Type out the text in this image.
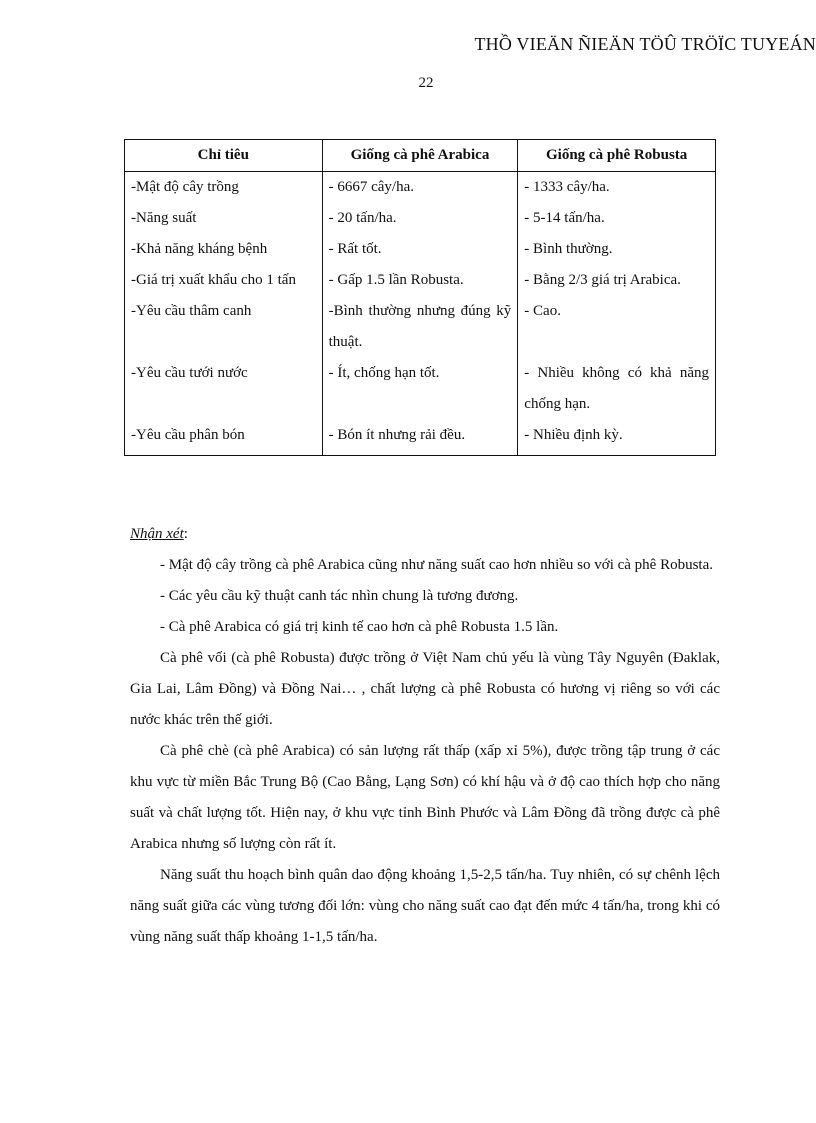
THỒ VIEÄN ÑIEÄN TÖÛ TRÖÏC TUYEÁN
22
Chỉ tiêu	Giống cà phê Arabica	Giống cà phê Robusta
-Mật độ cây trồng	- 6667 cây/ha.	- 1333 cây/ha.
-Năng suất	- 20 tấn/ha.	- 5-14 tấn/ha.
-Khả năng kháng bệnh	- Rất tốt.	- Bình thường.
-Giá trị xuất khẩu cho 1 tấn	- Gấp 1.5 lần Robusta.	- Bằng 2/3 giá trị Arabica.
-Yêu cầu thâm canh	-Bình thường nhưng đúng kỹ thuật.	- Cao.
-Yêu cầu tưới nước	- Ít, chống hạn tốt.	- Nhiều không có khả năng chống hạn.
-Yêu cầu phân bón	- Bón ít nhưng rải đều.	- Nhiều định kỳ.

Nhận xét:

- Mật độ cây trồng cà phê Arabica cũng như năng suất cao hơn nhiều so với cà phê Robusta.

- Các yêu cầu kỹ thuật canh tác nhìn chung là tương đương.

- Cà phê Arabica có giá trị kinh tế cao hơn cà phê Robusta 1.5 lần.

Cà phê vối (cà phê Robusta) được trồng ở Việt Nam chủ yếu là vùng Tây Nguyên (Đaklak, Gia Lai, Lâm Đồng) và Đồng Nai… , chất lượng cà phê Robusta có hương vị riêng so với các nước khác trên thế giới.

Cà phê chè (cà phê Arabica) có sản lượng rất thấp (xấp xỉ 5%), được trồng tập trung ở các khu vực từ miền Bắc Trung Bộ (Cao Bằng, Lạng Sơn) có khí hậu và ở độ cao thích hợp cho năng suất và chất lượng tốt. Hiện nay, ở khu vực tỉnh Bình Phước và Lâm Đồng đã trồng được cà phê Arabica nhưng số lượng còn rất ít.

Năng suất thu hoạch bình quân dao động khoảng 1,5-2,5 tấn/ha. Tuy nhiên, có sự chênh lệch năng suất giữa các vùng tương đối lớn: vùng cho năng suất cao đạt đến mức 4 tấn/ha, trong khi có vùng năng suất thấp khoảng 1-1,5 tấn/ha.
